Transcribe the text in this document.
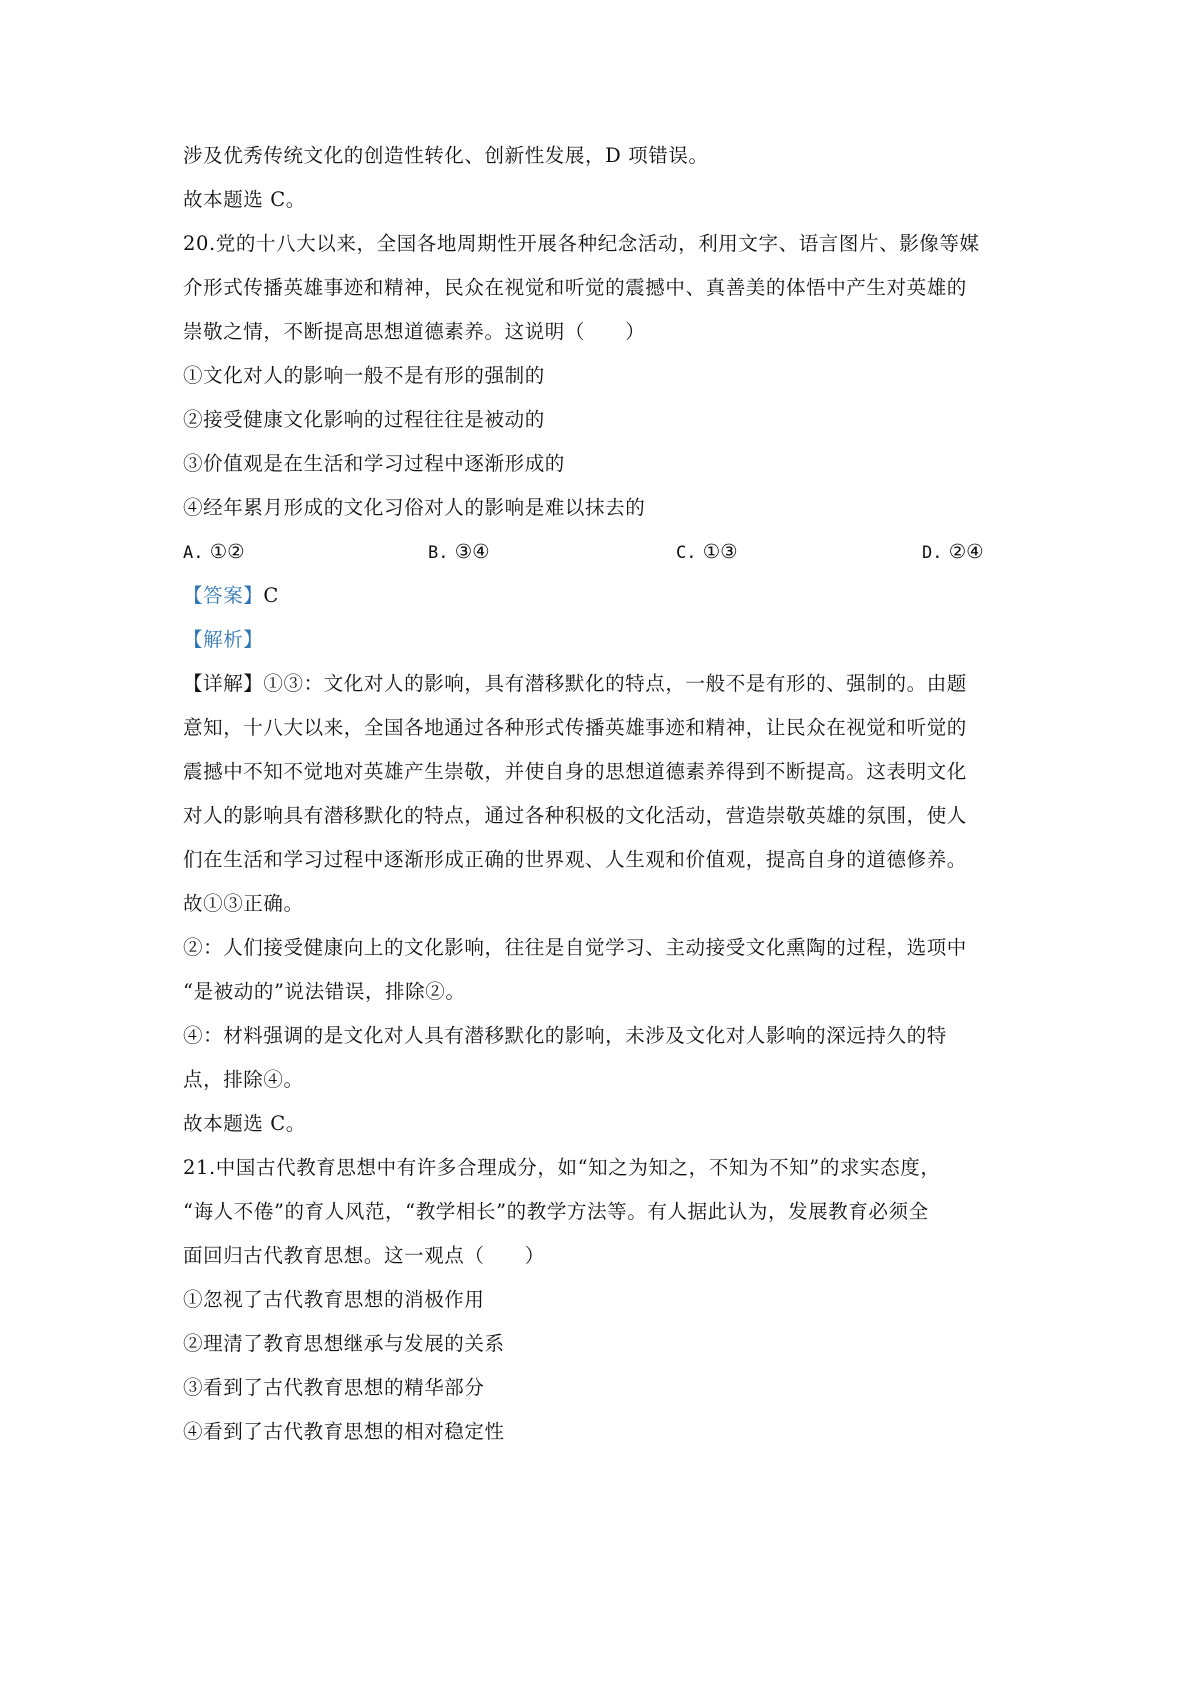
涉及优秀传统文化的创造性转化、创新性发展，D 项错误。
故本题选 C。
20.党的十八大以来，全国各地周期性开展各种纪念活动，利用文字、语言图片、影像等媒
介形式传播英雄事迹和精神，民众在视觉和听觉的震撼中、真善美的体悟中产生对英雄的
崇敬之情，不断提高思想道德素养。这说明（　　）
①文化对人的影响一般不是有形的强制的
②接受健康文化影响的过程往往是被动的
③价值观是在生活和学习过程中逐渐形成的
④经年累月形成的文化习俗对人的影响是难以抹去的
A. ①②	B. ③④	C. ①③	D. ②④
【答案】C
【解析】
【详解】①③：文化对人的影响，具有潜移默化的特点，一般不是有形的、强制的。由题
意知，十八大以来，全国各地通过各种形式传播英雄事迹和精神，让民众在视觉和听觉的
震撼中不知不觉地对英雄产生崇敬，并使自身的思想道德素养得到不断提高。这表明文化
对人的影响具有潜移默化的特点，通过各种积极的文化活动，营造崇敬英雄的氛围，使人
们在生活和学习过程中逐渐形成正确的世界观、人生观和价值观，提高自身的道德修养。
故①③正确。
②：人们接受健康向上的文化影响，往往是自觉学习、主动接受文化熏陶的过程，选项中
“是被动的”说法错误，排除②。
④：材料强调的是文化对人具有潜移默化的影响，未涉及文化对人影响的深远持久的特
点，排除④。
故本题选 C。
21.中国古代教育思想中有许多合理成分，如“知之为知之，不知为不知”的求实态度，
“诲人不倦”的育人风范，“教学相长”的教学方法等。有人据此认为，发展教育必须全
面回归古代教育思想。这一观点（　　）
①忽视了古代教育思想的消极作用
②理清了教育思想继承与发展的关系
③看到了古代教育思想的精华部分
④看到了古代教育思想的相对稳定性
